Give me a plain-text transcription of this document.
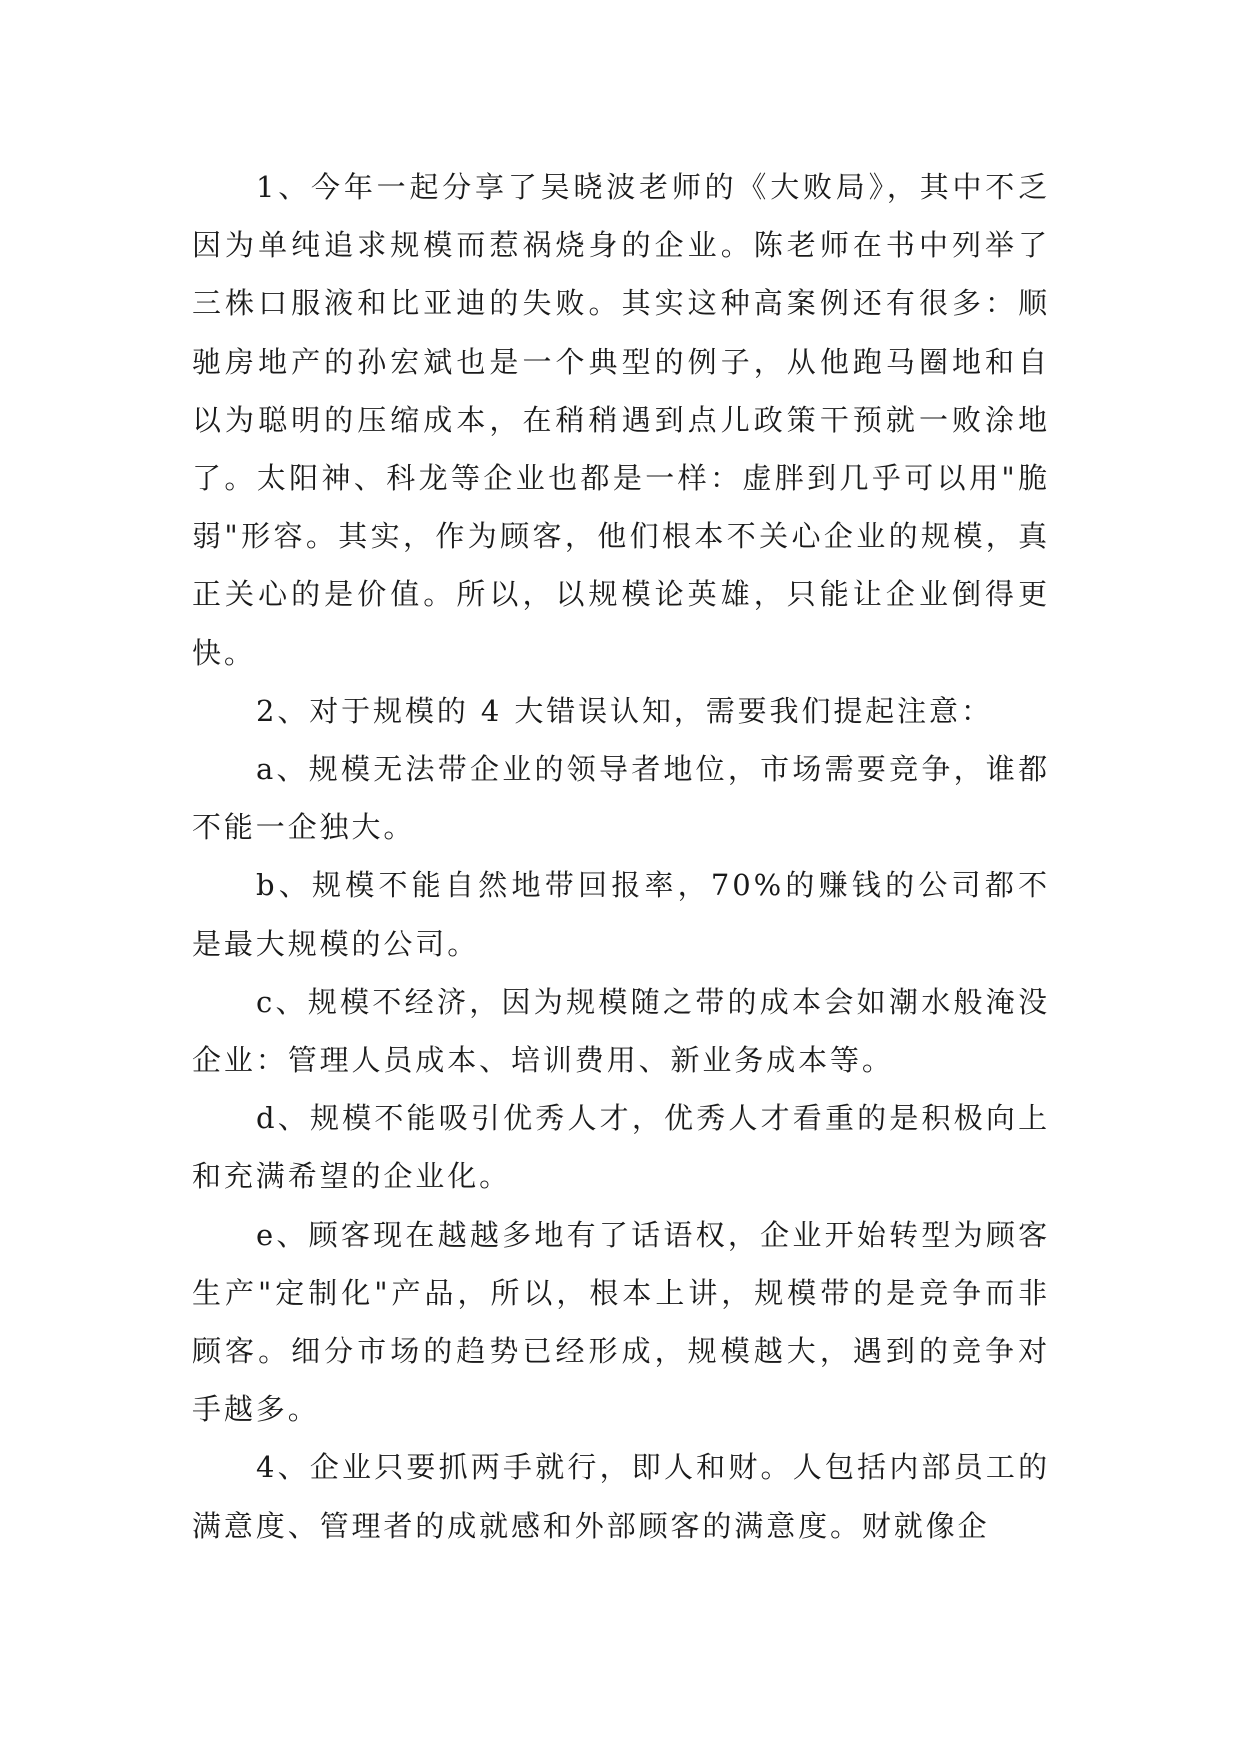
1、今年一起分享了吴晓波老师的《大败局》，其中不乏因为单纯追求规模而惹祸烧身的企业。陈老师在书中列举了三株口服液和比亚迪的失败。其实这种高案例还有很多：顺驰房地产的孙宏斌也是一个典型的例子，从他跑马圈地和自以为聪明的压缩成本，在稍稍遇到点儿政策干预就一败涂地了。太阳神、科龙等企业也都是一样：虚胖到几乎可以用"脆弱"形容。其实，作为顾客，他们根本不关心企业的规模，真正关心的是价值。所以，以规模论英雄，只能让企业倒得更快。

2、对于规模的 4 大错误认知，需要我们提起注意：

a、规模无法带企业的领导者地位，市场需要竞争，谁都不能一企独大。

b、规模不能自然地带回报率，70%的赚钱的公司都不是最大规模的公司。

c、规模不经济，因为规模随之带的成本会如潮水般淹没企业：管理人员成本、培训费用、新业务成本等。

d、规模不能吸引优秀人才，优秀人才看重的是积极向上和充满希望的企业化。

e、顾客现在越越多地有了话语权，企业开始转型为顾客生产"定制化"产品，所以，根本上讲，规模带的是竞争而非顾客。细分市场的趋势已经形成，规模越大，遇到的竞争对手越多。

4、企业只要抓两手就行，即人和财。人包括内部员工的满意度、管理者的成就感和外部顾客的满意度。财就像企
